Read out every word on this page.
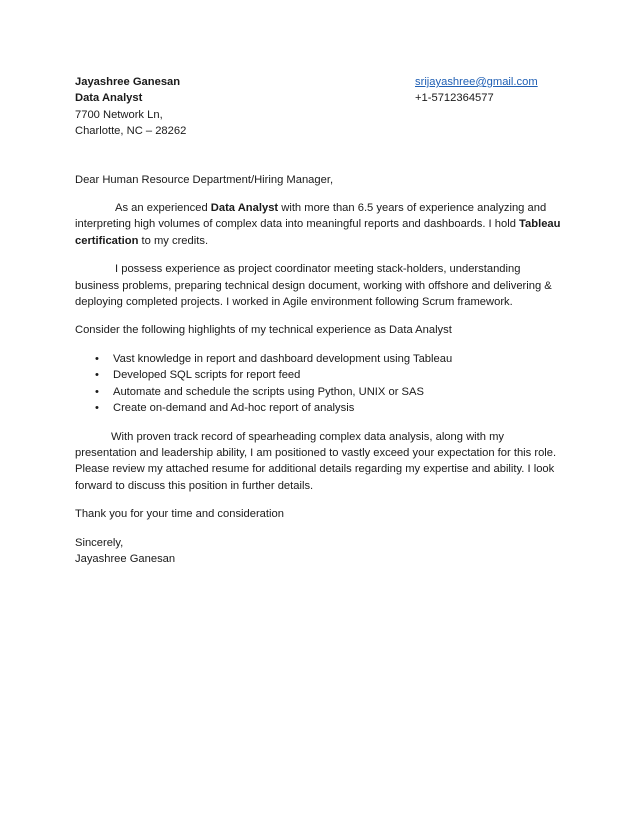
Jayashree Ganesan
Data Analyst
7700 Network Ln,
Charlotte, NC – 28262
srijayashree@gmail.com
+1-5712364577

Dear Human Resource Department/Hiring Manager,

As an experienced Data Analyst with more than 6.5 years of experience analyzing and interpreting high volumes of complex data into meaningful reports and dashboards. I hold Tableau certification to my credits.

I possess experience as project coordinator meeting stack-holders, understanding business problems, preparing technical design document, working with offshore and delivering & deploying completed projects. I worked in Agile environment following Scrum framework.

Consider the following highlights of my technical experience as Data Analyst

• Vast knowledge in report and dashboard development using Tableau
• Developed SQL scripts for report feed
• Automate and schedule the scripts using Python, UNIX or SAS
• Create on-demand and Ad-hoc report of analysis

With proven track record of spearheading complex data analysis, along with my presentation and leadership ability, I am positioned to vastly exceed your expectation for this role. Please review my attached resume for additional details regarding my expertise and ability. I look forward to discuss this position in further details.

Thank you for your time and consideration

Sincerely,

Jayashree Ganesan
